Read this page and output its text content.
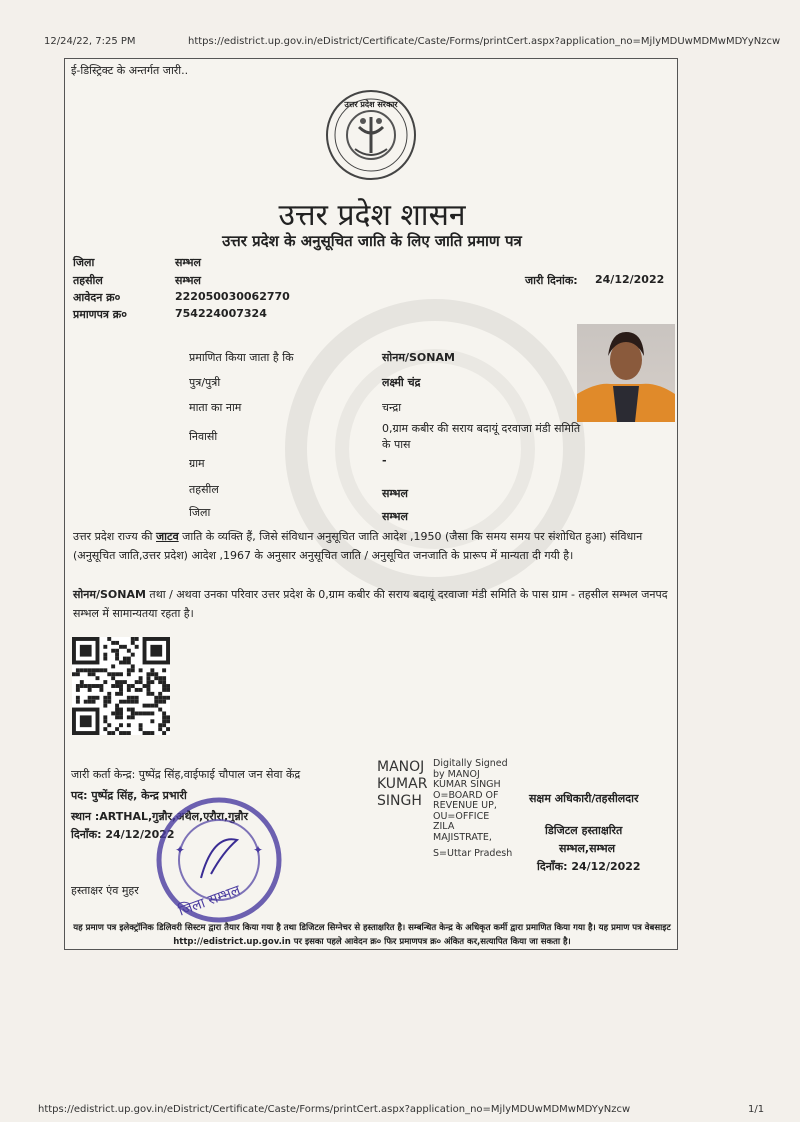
12/24/22, 7:25 PM	https://edistrict.up.gov.in/eDistrict/Certificate/Caste/Forms/printCert.aspx?application_no=MjlyMDUwMDMwMDYyNzcw
ई-डिस्ट्रिक्ट के अन्तर्गत जारी..
उत्तर प्रदेश सरकार
उत्तर प्रदेश शासन
उत्तर प्रदेश के अनुसूचित जाति के लिए जाति प्रमाण पत्र
जिला	सम्भल
तहसील	सम्भल
आवेदन क्र०	222050030062770
प्रमाणपत्र क्र०	754224007324
जारी दिनांक: 24/12/2022
प्रमाणित किया जाता है कि	सोनम/SONAM
पुत्र/पुत्री	लक्ष्मी चंद्र
माता का नाम	चन्द्रा
निवासी
0,ग्राम कबीर की सराय बदायूं दरवाजा मंडी समिति के पास
ग्राम	-
तहसील	सम्भल
जिला	सम्भल
उत्तर प्रदेश राज्य की जाटव जाति के व्यक्ति हैं, जिसे संविधान अनुसूचित जाति आदेश ,1950 (जैसा कि समय समय पर संशोधित हुआ) संविधान (अनुसूचित जाति,उत्तर प्रदेश) आदेश ,1967 के अनुसार अनुसूचित जाति / अनुसूचित जनजाति के प्रारूप में मान्यता दी गयी है।
सोनम/SONAM तथा / अथवा उनका परिवार उत्तर प्रदेश के 0,ग्राम कबीर की सराय बदायूं दरवाजा मंडी समिति के पास ग्राम - तहसील सम्भल जनपद सम्भल में सामान्यतया रहता है।
जारी कर्ता केन्द्र: पुष्पेंद्र सिंह,वाईफाई चौपाल जन सेवा केंद्र
पद: पुष्पेंद्र सिंह, केन्द्र प्रभारी
स्थान :ARTHAL,गुन्नौर,अथैल,एरौरा,गुन्नौर
दिनाँक: 24/12/2022
हस्ताक्षर एंव मुहर
✦	✦
जिला सम्भल
MANOJ
KUMAR
SINGH
Digitally Signed
by MANOJ
KUMAR SINGH
O=BOARD OF
REVENUE UP,
OU=OFFICE
ZILA
MAJISTRATE,
S=Uttar Pradesh
सक्षम अधिकारी/तहसीलदार
डिजिटल हस्ताक्षरित
सम्भल,सम्भल
दिनाँक: 24/12/2022
यह प्रमाण पत्र इलेक्ट्रॉनिक डिलिवरी सिस्टम द्वारा तैयार किया गया है तथा डिजिटल सिग्नेचर से हस्ताक्षरित है। सम्बन्धित केन्द्र के अधिकृत कर्मी द्वारा प्रमाणित किया गया है। यह प्रमाण पत्र वेबसाइट http://edistrict.up.gov.in पर इसका पहले आवेदन क्र० फिर प्रमाणपत्र क्र० अंकित कर,सत्यापित किया जा सकता है।
https://edistrict.up.gov.in/eDistrict/Certificate/Caste/Forms/printCert.aspx?application_no=MjlyMDUwMDMwMDYyNzcw	1/1
